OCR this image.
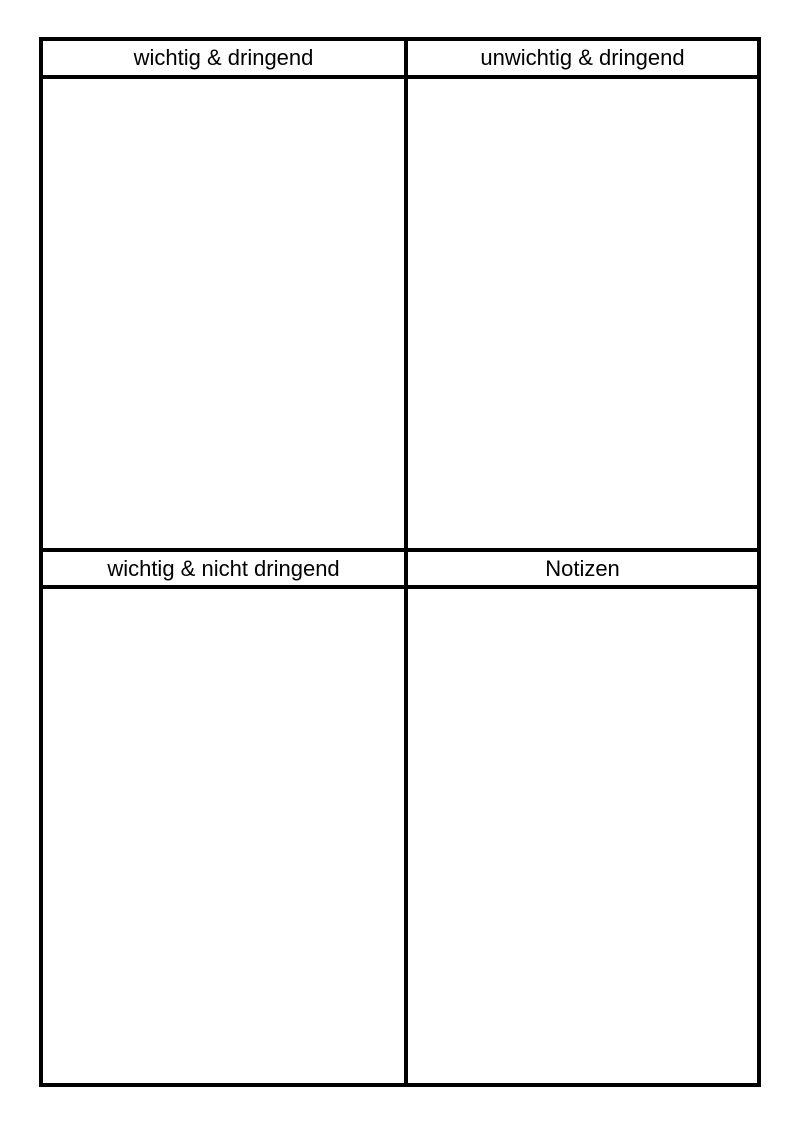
wichtig & dringend	unwichtig & dringend
wichtig & nicht dringend	Notizen
